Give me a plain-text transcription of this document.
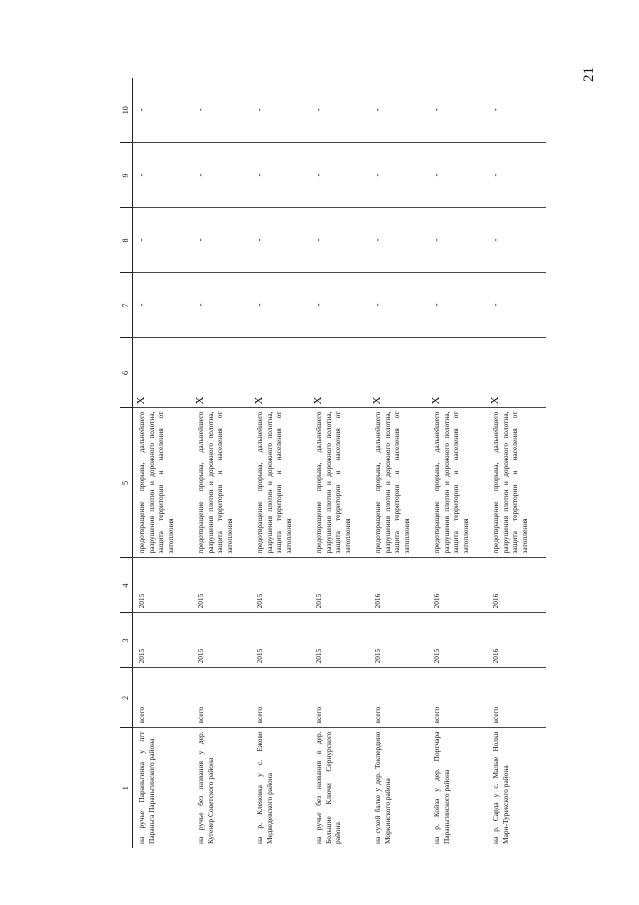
21
1	2	3	4	5	6	7	8	9	10
на ручье Параньгинка у пгт Параньга Параньгинского района	всего	2015	2015	предотвращение прорыва, дальнейшего разрушения плотин и дорожного полотна, защита территории и населения от затопления	X	-	-	-	-
на ручье без названия у дер. Кугенер Советского района	всего	2015	2015	предотвращение прорыва, дальнейшего разрушения плотин и дорожного полотна, защита территории и населения от затопления	X	-	-	-	-
на р. Кленовка у с. Ежово Медведевского района	всего	2015	2015	предотвращение прорыва, дальнейшего разрушения плотин и дорожного полотна, защита территории и населения от затопления	X	-	-	-	-
на ручье без названия в дер. Большие Ключи Сернурского района	всего	2015	2015	предотвращение прорыва, дальнейшего разрушения плотин и дорожного полотна, защита территории и населения от затопления	X	-	-	-	-
на сухой балке у дер. Токпердино Моркинского района	всего	2015	2016	предотвращение прорыва, дальнейшего разрушения плотин и дорожного полотна, защита территории и населения от затопления	X	-	-	-	-
на р. Койза у дер. Портчара Параньгинского района	всего	2015	2016	предотвращение прорыва, дальнейшего разрушения плотин и дорожного полотна, защита территории и населения от затопления	X	-	-	-	-
на р. Сарда у с. Малые Нолки Мари-Турекского района	всего	2016	2016	предотвращение прорыва, дальнейшего разрушения плотин и дорожного полотна, защита территории и населения от затопления	X	-	-	-	-
